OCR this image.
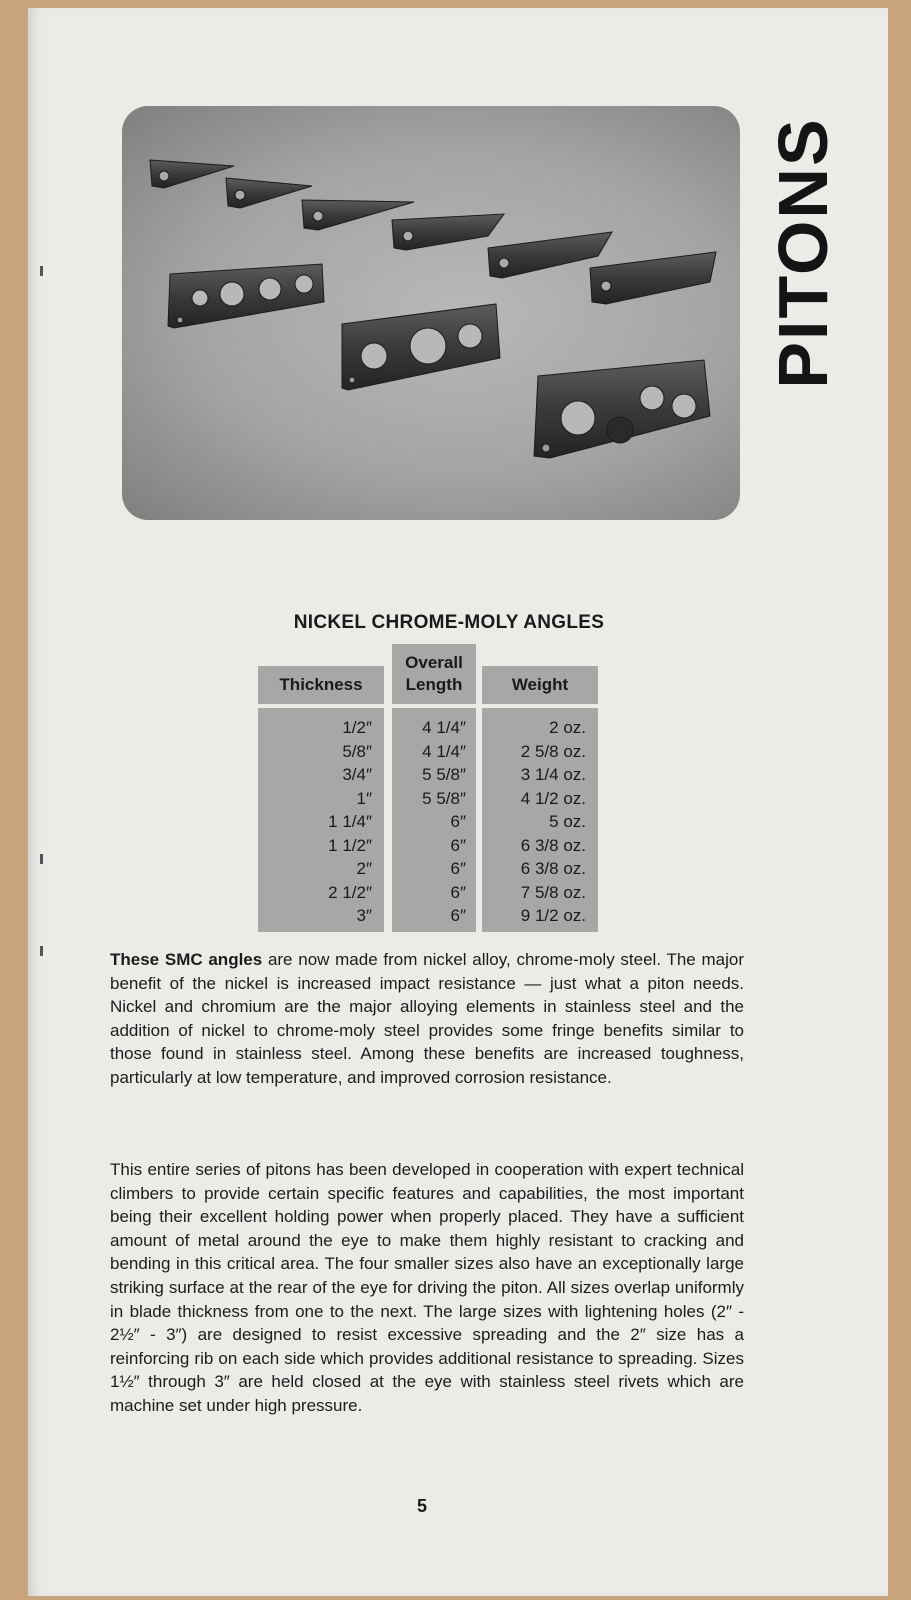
PITONS
NICKEL CHROME-MOLY ANGLES
Thickness
Overall
Length	Weight
1/2″
5/8″
3/4″
1″
1 1/4″
1 1/2″
2″
2 1/2″
3″
4 1/4″
4 1/4″
5 5/8″
5 5/8″
6″
6″
6″
6″
6″
2 oz.
2 5/8 oz.
3 1/4 oz.
4 1/2 oz.
5 oz.
6 3/8 oz.
6 3/8 oz.
7 5/8 oz.
9 1/2 oz.

These SMC angles are now made from nickel alloy, chrome-moly steel. The major benefit of the nickel is increased impact resistance — just what a piton needs. Nickel and chromium are the major alloying elements in stainless steel and the addition of nickel to chrome-moly steel provides some fringe benefits similar to those found in stainless steel. Among these benefits are increased toughness, particularly at low temperature, and improved corrosion resistance.

This entire series of pitons has been developed in cooperation with expert technical climbers to provide certain specific features and capabilities, the most important being their excellent holding power when properly placed. They have a sufficient amount of metal around the eye to make them highly resistant to cracking and bending in this critical area. The four smaller sizes also have an exceptionally large striking surface at the rear of the eye for driving the piton. All sizes overlap uniformly in blade thickness from one to the next. The large sizes with lightening holes (2″ - 2½″ - 3″) are designed to resist excessive spreading and the 2″ size has a reinforcing rib on each side which provides additional resistance to spreading. Sizes 1½″ through 3″ are held closed at the eye with stainless steel rivets which are machine set under high pressure.

5
